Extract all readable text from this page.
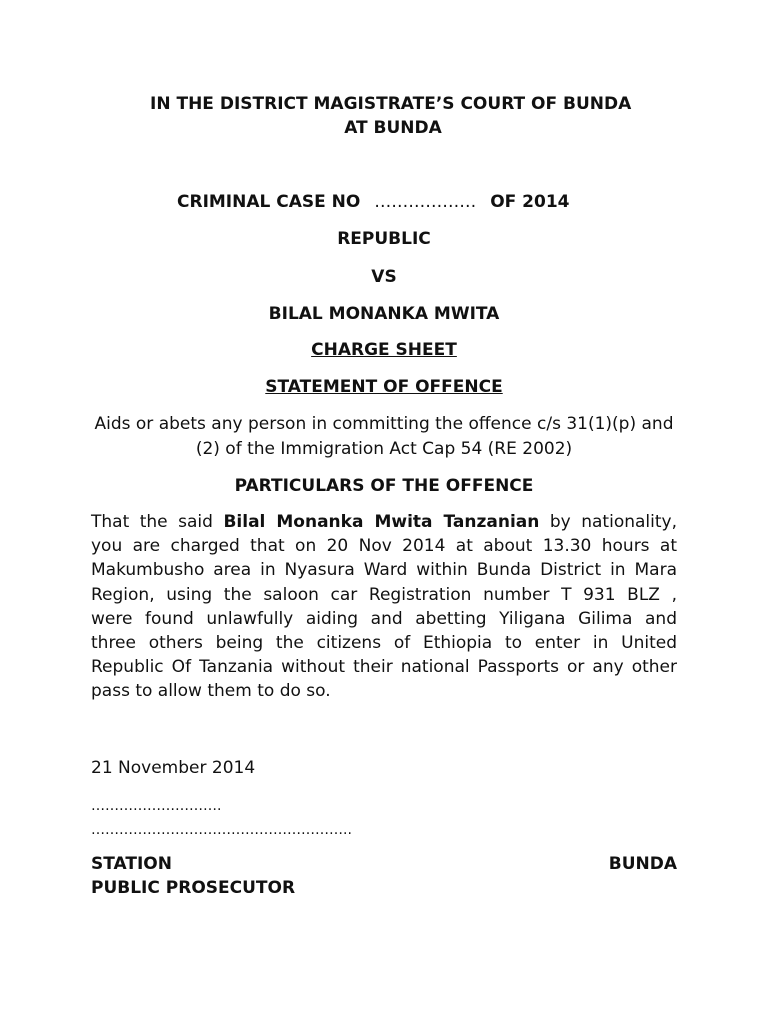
IN THE DISTRICT MAGISTRATE’S COURT OF BUNDA
AT BUNDA
CRIMINAL CASE NO ……………… OF 2014
REPUBLIC
VS
BILAL MONANKA MWITA
CHARGE SHEET
STATEMENT OF OFFENCE
Aids or abets any person in committing the offence c/s 31(1)(p) and
(2) of the Immigration Act Cap 54 (RE 2002)
PARTICULARS OF THE OFFENCE
That the said Bilal Monanka Mwita Tanzanian by nationality,
you are charged that on 20 Nov 2014 at about 13.30 hours at
Makumbusho area in Nyasura Ward within Bunda District in Mara
Region, using the saloon car Registration number T 931 BLZ ,
were found unlawfully aiding and abetting Yiligana Gilima and
three others being the citizens of Ethiopia to enter in United
Republic Of Tanzania without their national Passports or any other
pass to allow them to do so.
21 November 2014
……………………….
………………………………………………..
STATION	BUNDA
PUBLIC PROSECUTOR
